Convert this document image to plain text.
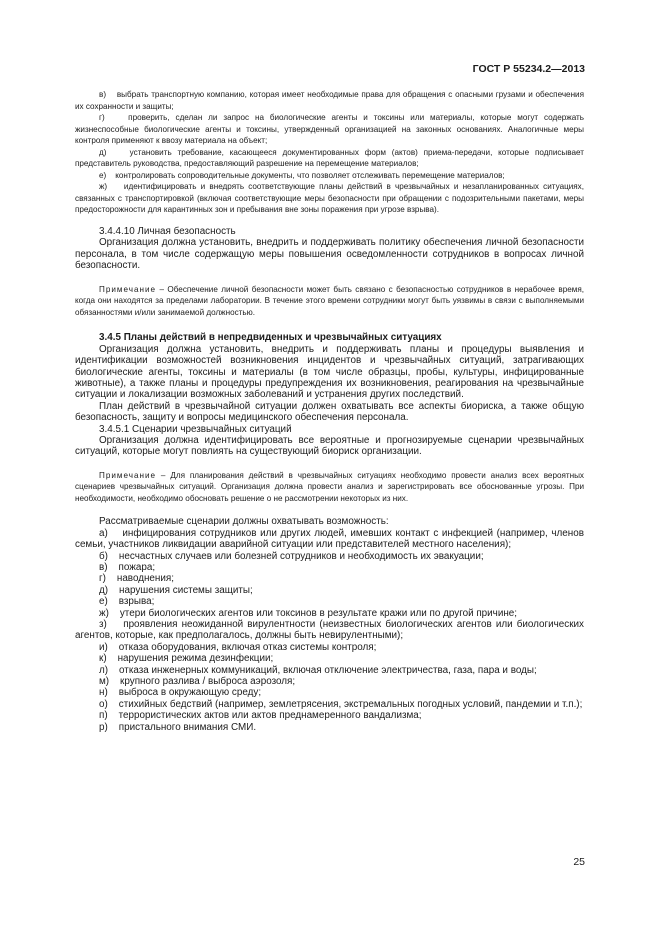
ГОСТ Р 55234.2—2013

в)    выбрать транспортную компанию, которая имеет необходимые права для обращения с опасными грузами и обеспечения их сохранности и защиты;

г)    проверить, сделан ли запрос на биологические агенты и токсины или материалы, которые могут содержать жизнеспособные биологические агенты и токсины, утвержденный организацией на законных основаниях. Аналогичные меры контроля применяют к ввозу материала на объект;

д)    установить требование, касающееся документированных форм (актов) приема-передачи, которые подписывает представитель руководства, предоставляющий разрешение на перемещение материалов;

е)    контролировать сопроводительные документы, что позволяет отслеживать перемещение материалов;

ж)    идентифицировать и внедрять соответствующие планы действий в чрезвычайных и незапланированных ситуациях, связанных с транспортировкой (включая соответствующие меры безопасности при обращении с подозрительными пакетами, меры предосторожности для карантинных зон и пребывания вне зоны поражения при угрозе взрыва).

3.4.4.10 Личная безопасность

Организация должна установить, внедрить и поддерживать политику обеспечения личной безопасности персонала, в том числе содержащую меры повышения осведомленности сотрудников в вопросах личной безопасности.

Примечание – Обеспечение личной безопасности может быть связано с безопасностью сотрудников в нерабочее время, когда они находятся за пределами лаборатории. В течение этого времени сотрудники могут быть уязвимы в связи с выполняемыми обязанностями и/или занимаемой должностью.

3.4.5 Планы действий в непредвиденных и чрезвычайных ситуациях

Организация должна установить, внедрить и поддерживать планы и процедуры выявления и идентификации возможностей возникновения инцидентов и чрезвычайных ситуаций, затрагивающих биологические агенты, токсины и материалы (в том числе образцы, пробы, культуры, инфицированные животные), а также планы и процедуры предупреждения их возникновения, реагирования на чрезвычайные ситуации и локализации возможных заболеваний и устранения других последствий.

План действий в чрезвычайной ситуации должен охватывать все аспекты биориска, а также общую безопасность, защиту и вопросы медицинского обеспечения персонала.

3.4.5.1 Сценарии чрезвычайных ситуаций

Организация должна идентифицировать все вероятные и прогнозируемые сценарии чрезвычайных ситуаций, которые могут повлиять на существующий биориск организации.

Примечание – Для планирования действий в чрезвычайных ситуациях необходимо провести анализ всех вероятных сценариев чрезвычайных ситуаций. Организация должна провести анализ и зарегистрировать все обоснованные угрозы. При необходимости, необходимо обосновать решение о не рассмотрении некоторых из них.

Рассматриваемые сценарии должны охватывать возможность:

а)    инфицирования сотрудников или других людей, имевших контакт с инфекцией (например, членов семьи, участников ликвидации аварийной ситуации или представителей местного населения);

б)    несчастных случаев или болезней сотрудников и необходимость их эвакуации;

в)    пожара;

г)    наводнения;

д)    нарушения системы защиты;

е)    взрыва;

ж)    утери биологических агентов или токсинов в результате кражи или по другой причине;

з)    проявления неожиданной вирулентности (неизвестных биологических агентов или биологических агентов, которые, как предполагалось, должны быть невирулентными);

и)    отказа оборудования, включая отказ системы контроля;

к)    нарушения режима дезинфекции;

л)    отказа инженерных коммуникаций, включая отключение электричества, газа, пара и воды;

м)    крупного разлива / выброса аэрозоля;

н)    выброса в окружающую среду;

о)    стихийных бедствий (например, землетрясения, экстремальных погодных условий, пандемии и т.п.);

п)    террористических актов или актов преднамеренного вандализма;

р)    пристального внимания СМИ.

25
